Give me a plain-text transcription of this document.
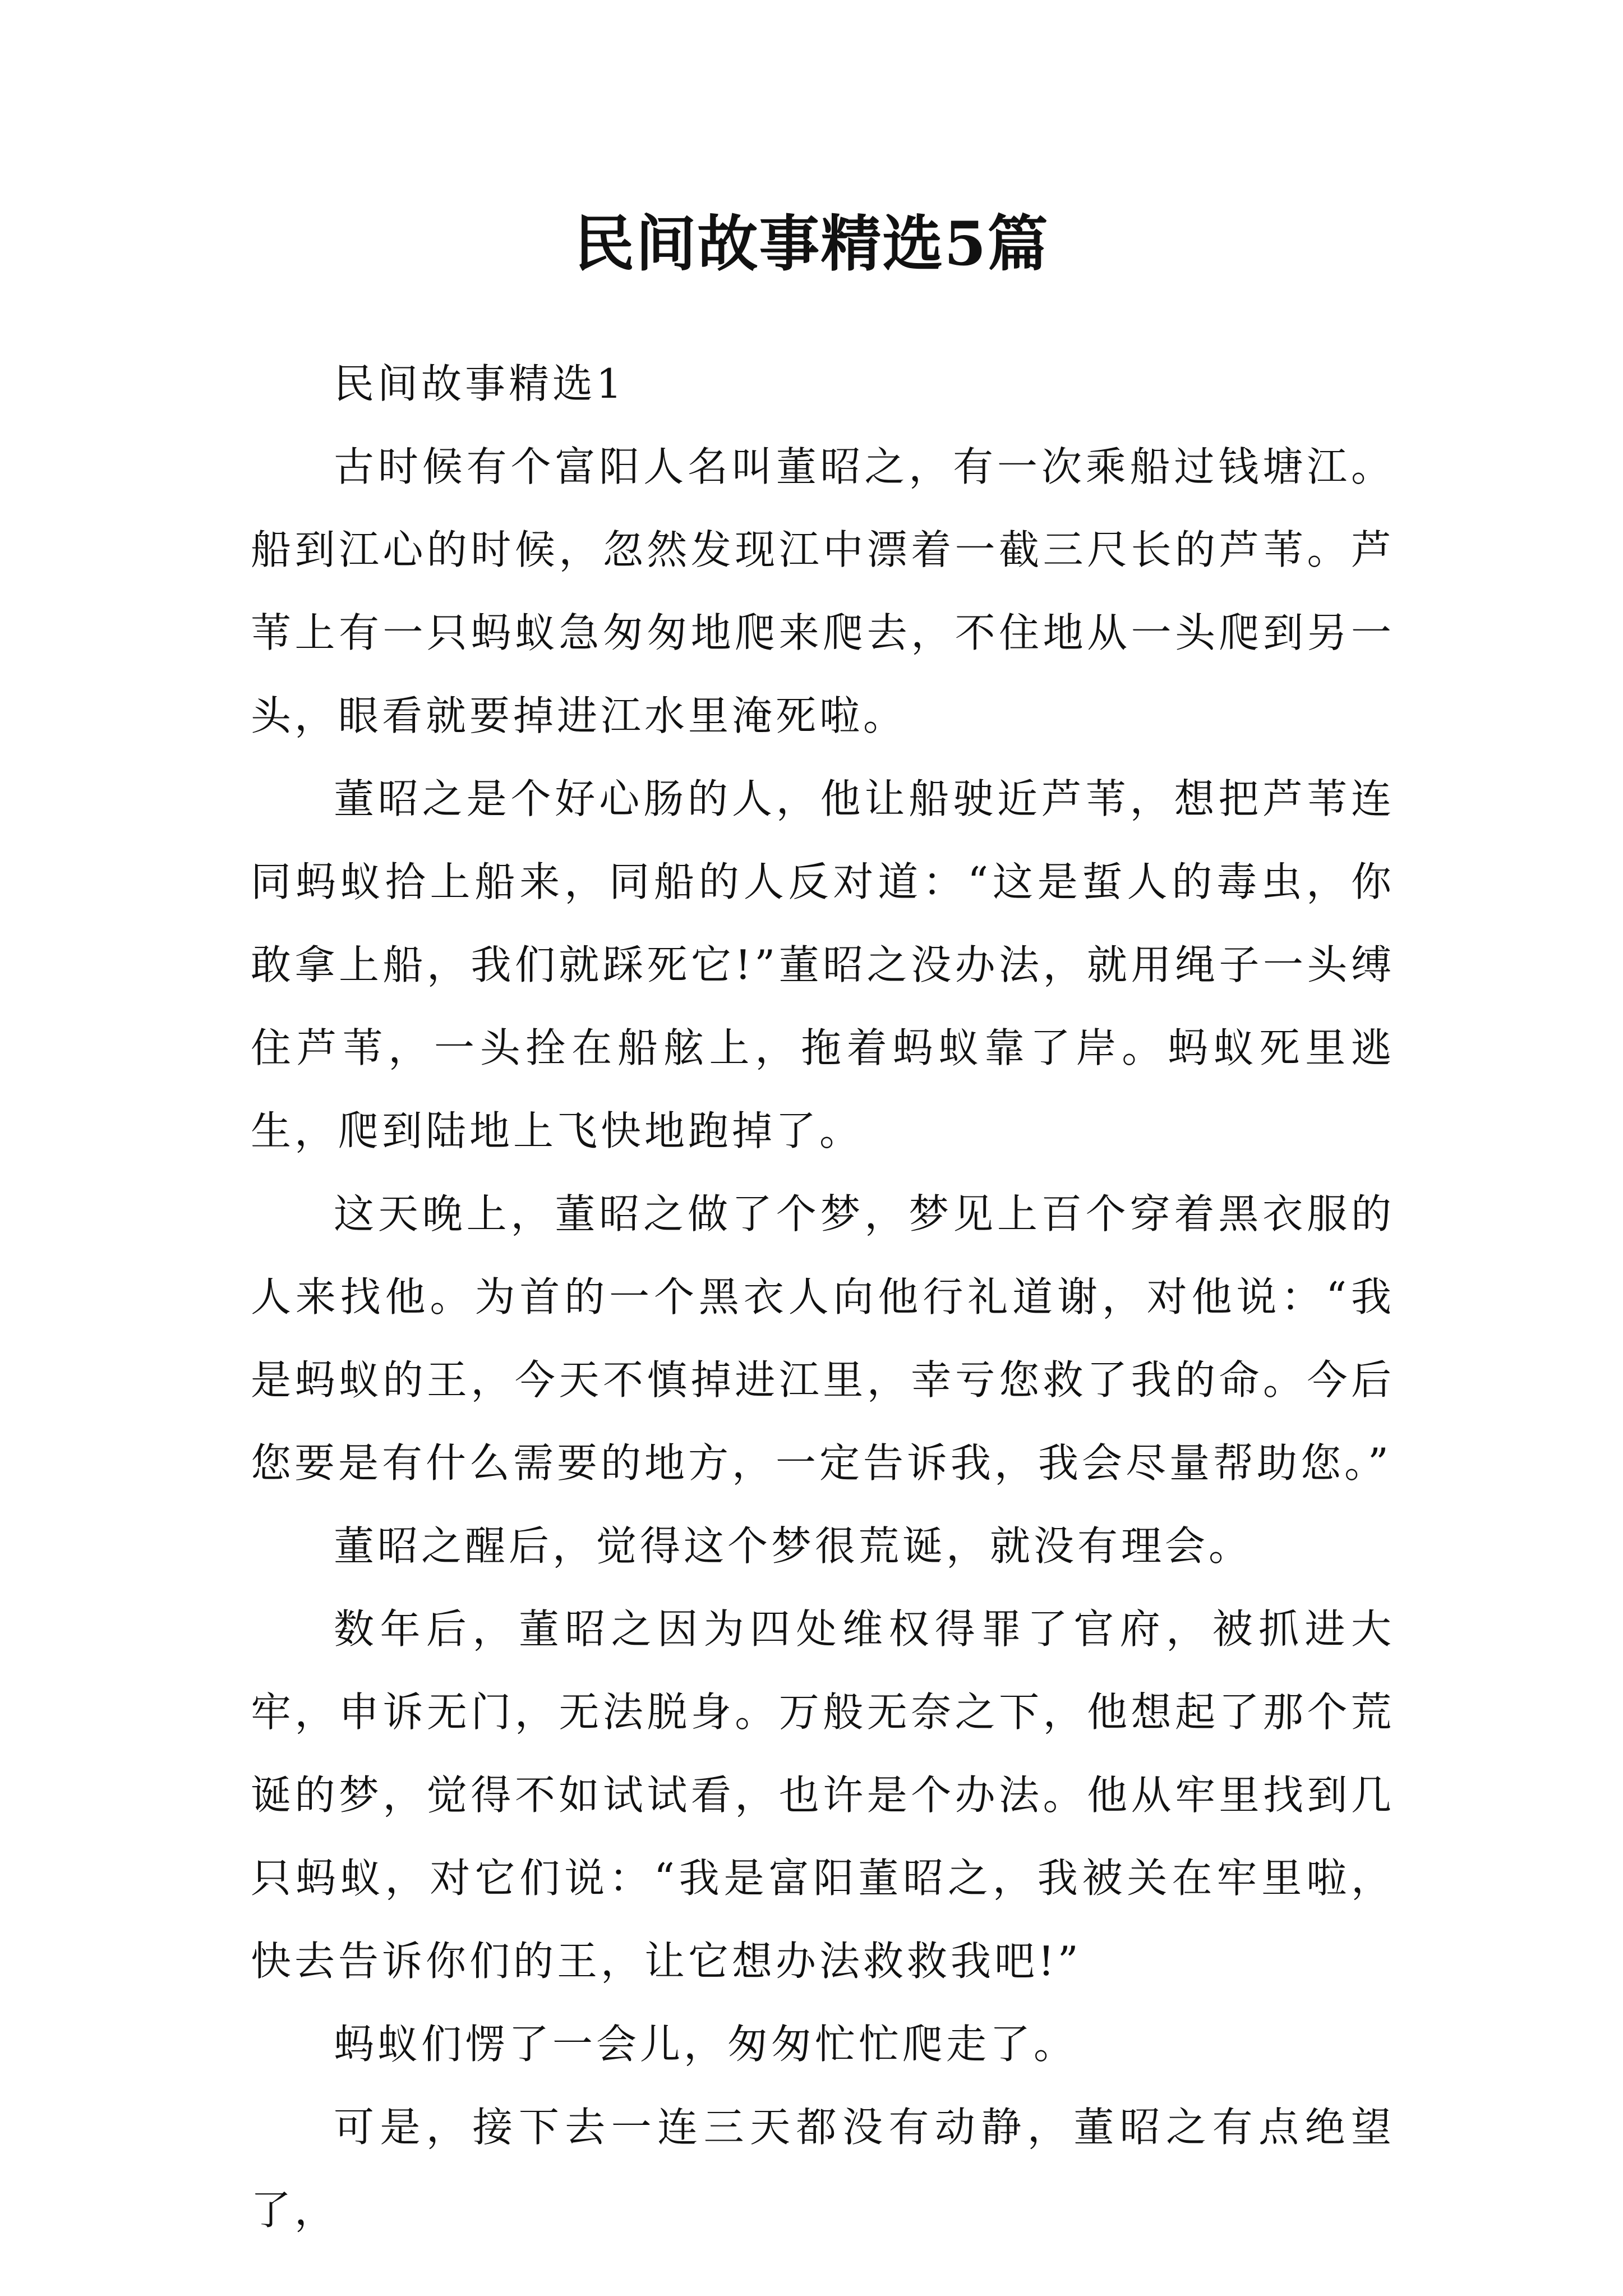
民间故事精选5篇

民间故事精选1

古时候有个富阳人名叫董昭之，有一次乘船过钱塘江。船到江心的时候，忽然发现江中漂着一截三尺长的芦苇。芦苇上有一只蚂蚁急匆匆地爬来爬去，不住地从一头爬到另一头，眼看就要掉进江水里淹死啦。

董昭之是个好心肠的人，他让船驶近芦苇，想把芦苇连同蚂蚁拾上船来，同船的人反对道：“这是蜇人的毒虫，你敢拿上船，我们就踩死它!”董昭之没办法，就用绳子一头缚住芦苇，一头拴在船舷上，拖着蚂蚁靠了岸。蚂蚁死里逃生，爬到陆地上飞快地跑掉了。

这天晚上，董昭之做了个梦，梦见上百个穿着黑衣服的人来找他。为首的一个黑衣人向他行礼道谢，对他说：“我是蚂蚁的王，今天不慎掉进江里，幸亏您救了我的命。今后您要是有什么需要的地方，一定告诉我，我会尽量帮助您。”

董昭之醒后，觉得这个梦很荒诞，就没有理会。

数年后，董昭之因为四处维权得罪了官府，被抓进大牢，申诉无门，无法脱身。万般无奈之下，他想起了那个荒诞的梦，觉得不如试试看，也许是个办法。他从牢里找到几只蚂蚁，对它们说：“我是富阳董昭之，我被关在牢里啦，快去告诉你们的王，让它想办法救救我吧!”

蚂蚁们愣了一会儿，匆匆忙忙爬走了。

可是，接下去一连三天都没有动静，董昭之有点绝望了，
